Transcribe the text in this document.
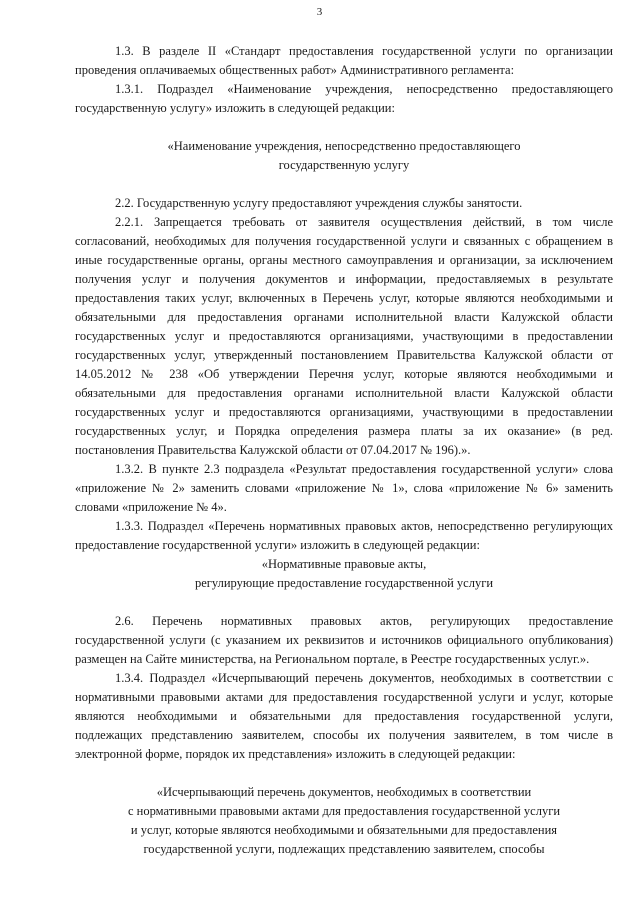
3

1.3. В разделе II «Стандарт предоставления государственной услуги по организации проведения оплачиваемых общественных работ» Административного регламента:

1.3.1. Подраздел «Наименование учреждения, непосредственно предоставляющего государственную услугу» изложить в следующей редакции:

«Наименование учреждения, непосредственно предоставляющего
государственную услугу

2.2. Государственную услугу предоставляют учреждения службы занятости.

2.2.1. Запрещается требовать от заявителя осуществления действий, в том числе согласований, необходимых для получения государственной услуги и связанных с обращением в иные государственные органы, органы местного самоуправления и организации, за исключением получения услуг и получения документов и информации, предоставляемых в результате предоставления таких услуг, включенных в Перечень услуг, которые являются необходимыми и обязательными для предоставления органами исполнительной власти Калужской области государственных услуг и предоставляются организациями, участвующими в предоставлении государственных услуг, утвержденный постановлением Правительства Калужской области от 14.05.2012 № 238 «Об утверждении Перечня услуг, которые являются необходимыми и обязательными для предоставления органами исполнительной власти Калужской области государственных услуг и предоставляются организациями, участвующими в предоставлении государственных услуг, и Порядка определения размера платы за их оказание» (в ред. постановления Правительства Калужской области от 07.04.2017 № 196).».

1.3.2. В пункте 2.3 подраздела «Результат предоставления государственной услуги» слова «приложение № 2» заменить словами «приложение № 1», слова «приложение № 6» заменить словами «приложение № 4».

1.3.3. Подраздел «Перечень нормативных правовых актов, непосредственно регулирующих предоставление государственной услуги» изложить в следующей редакции:

«Нормативные правовые акты,
регулирующие предоставление государственной услуги

2.6. Перечень нормативных правовых актов, регулирующих предоставление государственной услуги (с указанием их реквизитов и источников официального опубликования) размещен на Сайте министерства, на Региональном портале, в Реестре государственных услуг.».

1.3.4. Подраздел «Исчерпывающий перечень документов, необходимых в соответствии с нормативными правовыми актами для предоставления государственной услуги и услуг, которые являются необходимыми и обязательными для предоставления государственной услуги, подлежащих представлению заявителем, способы их получения заявителем, в том числе в электронной форме, порядок их представления» изложить в следующей редакции:

«Исчерпывающий перечень документов, необходимых в соответствии
с нормативными правовыми актами для предоставления государственной услуги
и услуг, которые являются необходимыми и обязательными для предоставления
государственной услуги, подлежащих представлению заявителем, способы
